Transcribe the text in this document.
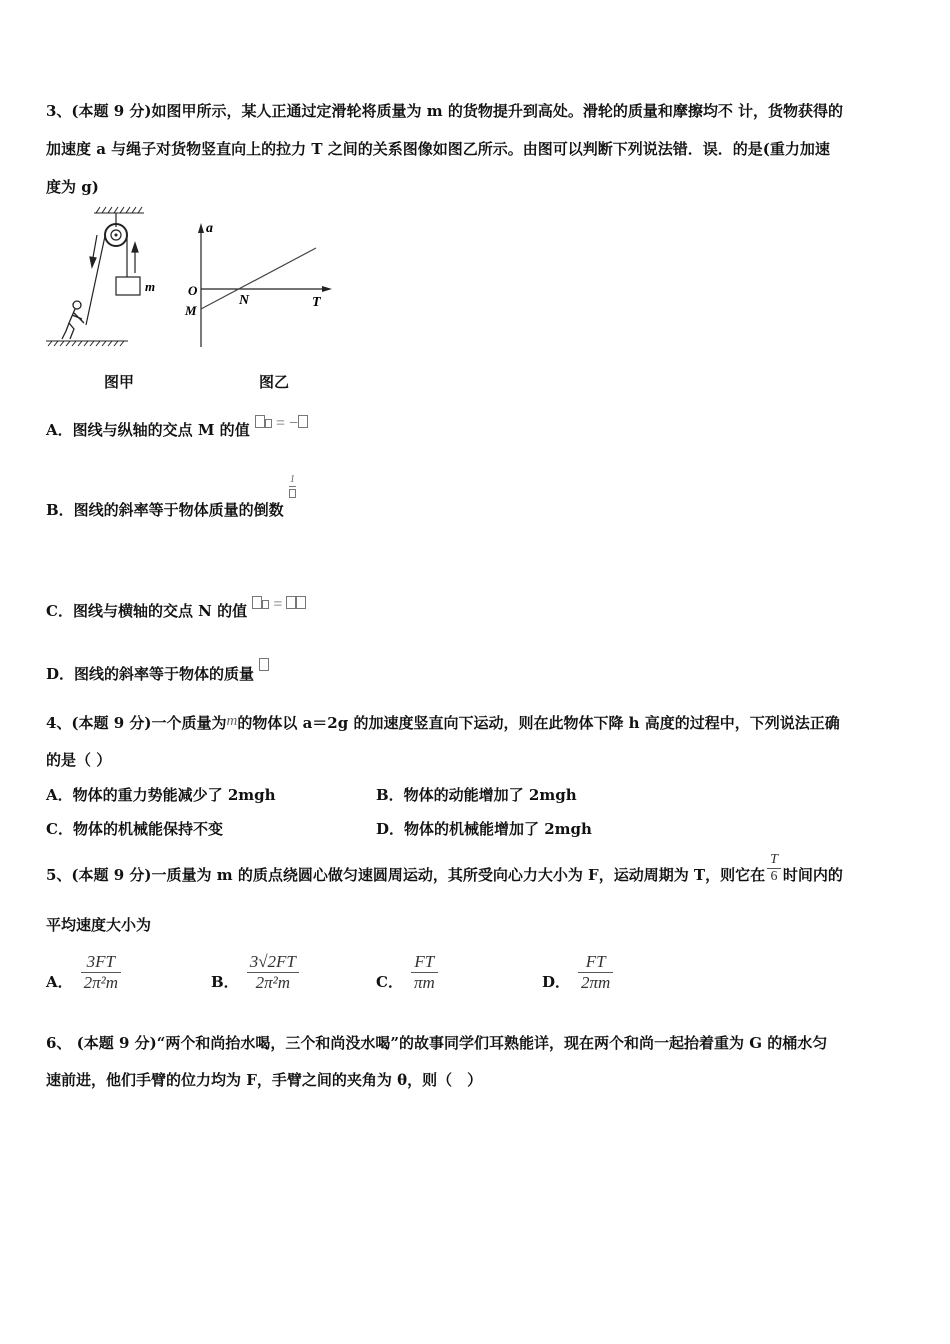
3、(本题 9 分)如图甲所示，某人正通过定滑轮将质量为 m 的货物提升到高处。滑轮的质量和摩擦均不 计，货物获得的
加速度 a 与绳子对货物竖直向上的拉力 T 之间的关系图像如图乙所示。由图可以判断下列说法错．误．的是(重力加速
度为 g)
m
a
O
M
N	T
图甲	图乙
A．图线与纵轴的交点 M 的值 = −
B．图线的斜率等于物体质量的倒数
1
C．图线与横轴的交点 N 的值 =
D．图线的斜率等于物体的质量
4、(本题 9 分)一个质量为m的物体以 a＝2g 的加速度竖直向下运动，则在此物体下降 h 高度的过程中，下列说法正确
的是（ ）
A．物体的重力势能减少了 2mgh	B．物体的动能增加了 2mgh
C．物体的机械能保持不变	D．物体的机械能增加了 2mgh
5、(本题 9 分)一质量为 m 的质点绕圆心做匀速圆周运动，其所受向心力大小为 F，运动周期为 T，则它在 $\frac{T}{6}$ 时间内的
平均速度大小为
A． $\frac{3FT}{\text{2π²m}}$	B． $\frac{3√2FT}{\text{2π²m}}$	C． $\frac{FT}{\pi m}$	D． $\frac{FT}{2\pi m}$
6、 (本题 9 分)“两个和尚抬水喝，三个和尚没水喝”的故事同学们耳熟能详，现在两个和尚一起抬着重为 G 的桶水匀
速前进，他们手臂的位力均为 F，手臂之间的夹角为 θ，则（　）
